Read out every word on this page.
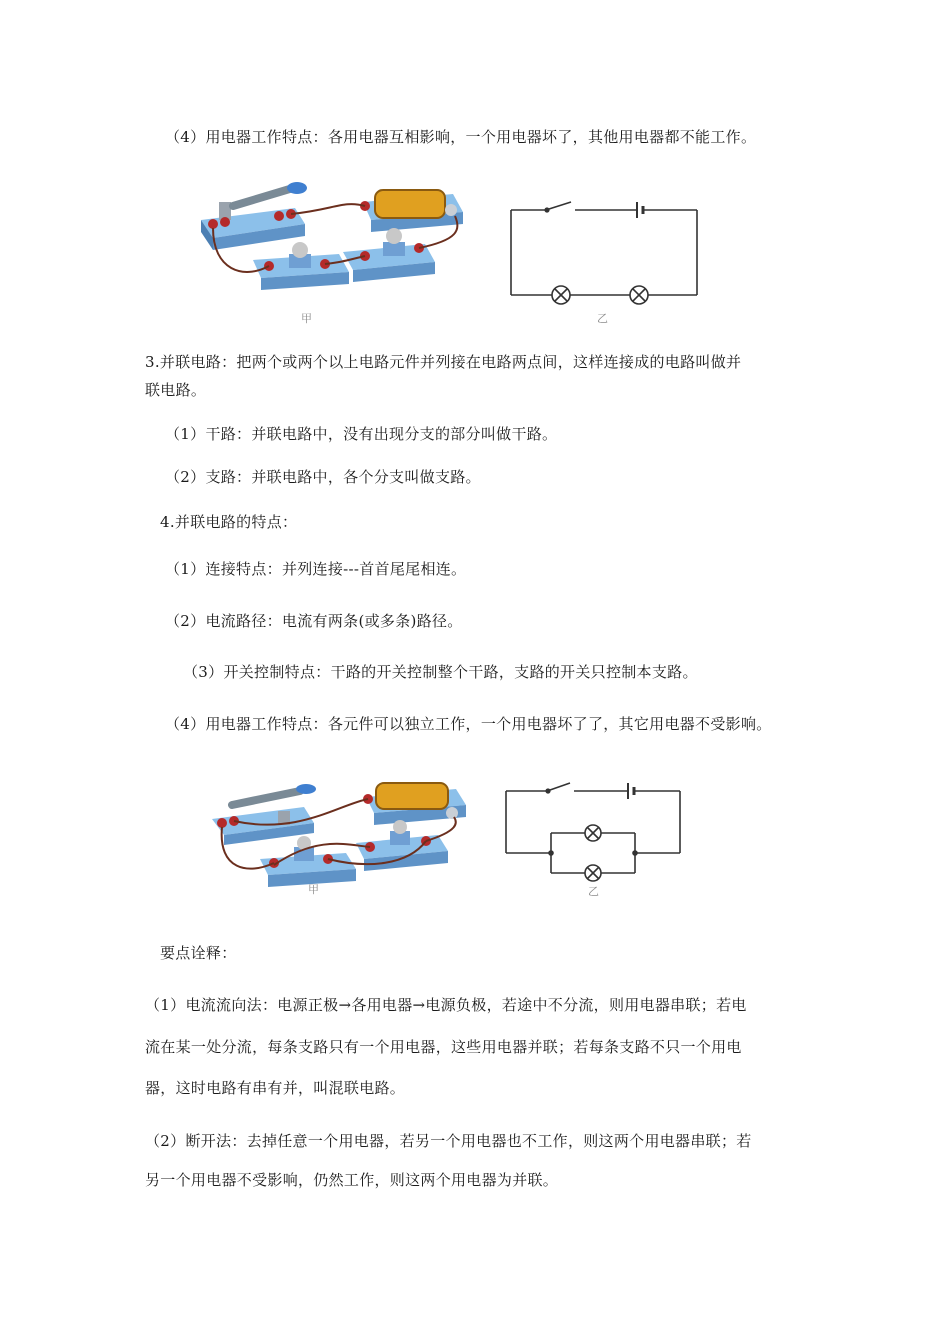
（4）用电器工作特点：各用电器互相影响，一个用电器坏了，其他用电器都不能工作。
甲	乙
3.并联电路：把两个或两个以上电路元件并列接在电路两点间，这样连接成的电路叫做并
联电路。
（1）干路：并联电路中，没有出现分支的部分叫做干路。
（2）支路：并联电路中，各个分支叫做支路。
4.并联电路的特点：
（1）连接特点：并列连接---首首尾尾相连。
（2）电流路径：电流有两条(或多条)路径。
（3）开关控制特点：干路的开关控制整个干路，支路的开关只控制本支路。
（4）用电器工作特点：各元件可以独立工作，一个用电器坏了了，其它用电器不受影响。
甲	乙
要点诠释：
（1）电流流向法：电源正极→各用电器→电源负极，若途中不分流，则用电器串联；若电
流在某一处分流，每条支路只有一个用电器，这些用电器并联；若每条支路不只一个用电
器，这时电路有串有并，叫混联电路。
（2）断开法：去掉任意一个用电器，若另一个用电器也不工作，则这两个用电器串联；若
另一个用电器不受影响，仍然工作，则这两个用电器为并联。
